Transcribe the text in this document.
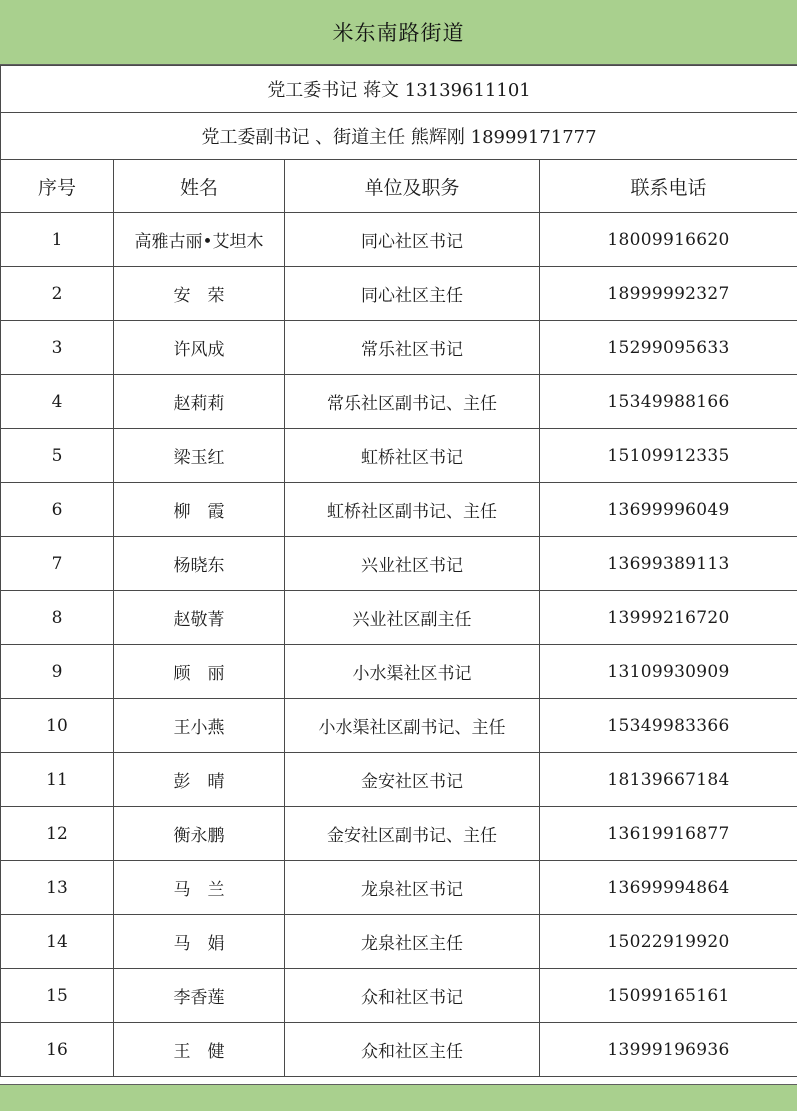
米东南路街道
党工委书记 蒋文 13139611101			
党工委副书记 、街道主任 熊辉刚 18999171777			
序号	姓名	单位及职务	联系电话
1	高雅古丽•艾坦木	同心社区书记	18009916620
2	安　荣	同心社区主任	18999992327
3	许风成	常乐社区书记	15299095633
4	赵莉莉	常乐社区副书记、主任	15349988166
5	梁玉红	虹桥社区书记	15109912335
6	柳　霞	虹桥社区副书记、主任	13699996049
7	杨晓东	兴业社区书记	13699389113
8	赵敬菁	兴业社区副主任	13999216720
9	顾　丽	小水渠社区书记	13109930909
10	王小燕	小水渠社区副书记、主任	15349983366
11	彭　晴	金安社区书记	18139667184
12	衡永鹏	金安社区副书记、主任	13619916877
13	马　兰	龙泉社区书记	13699994864
14	马　娟	龙泉社区主任	15022919920
15	李香莲	众和社区书记	15099165161
16	王　健	众和社区主任	13999196936
